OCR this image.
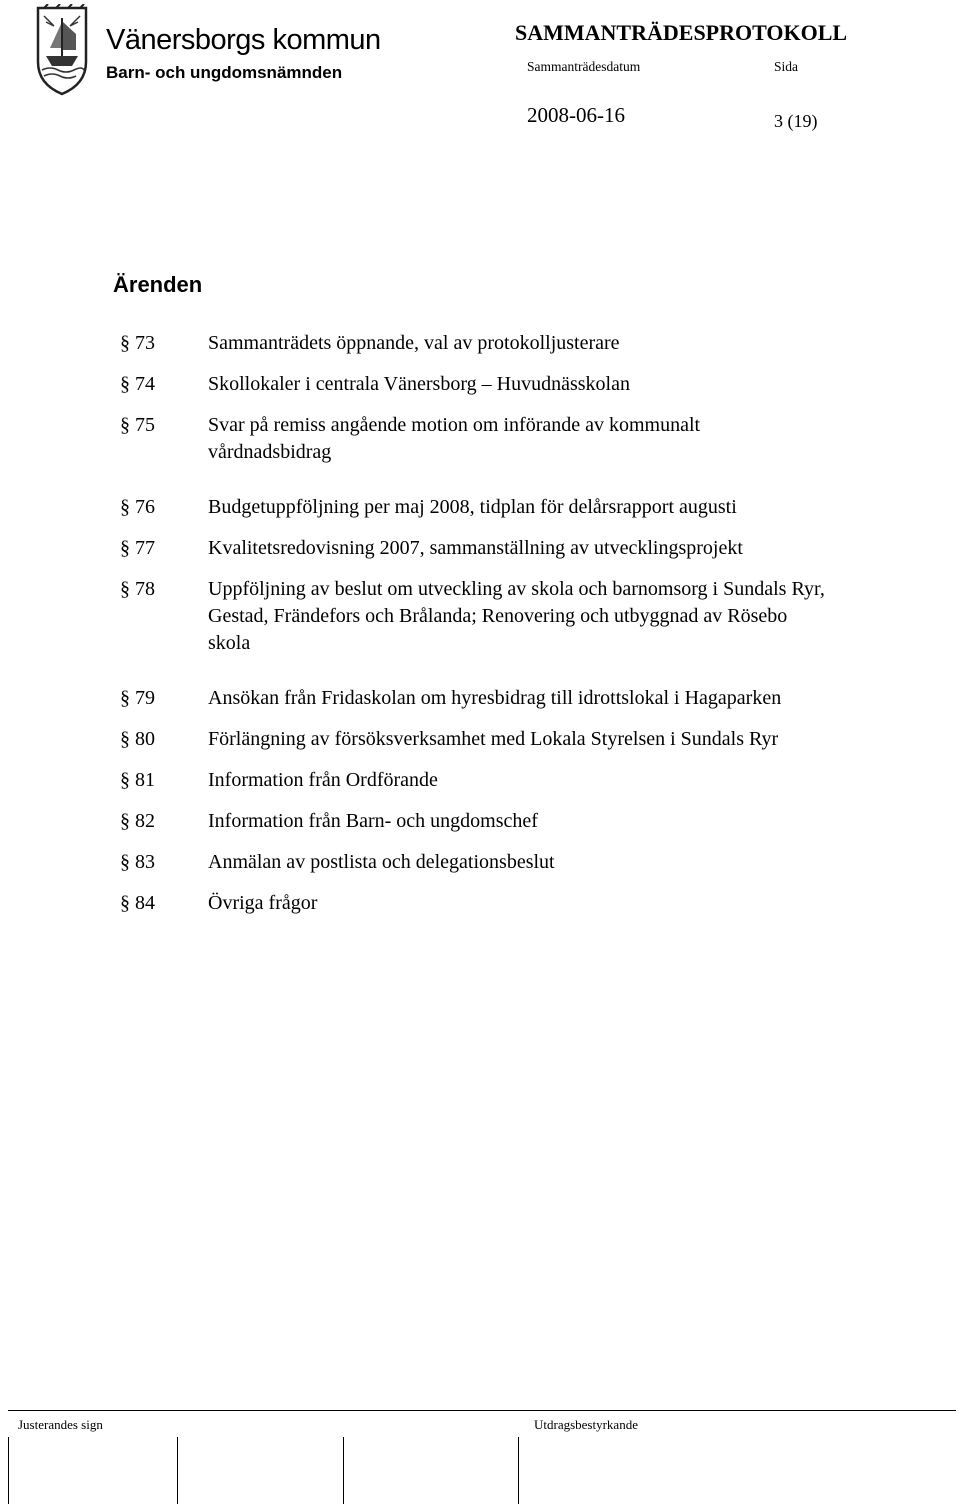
Vänersborgs kommun
Barn- och ungdomsnämnden
SAMMANTRÄDESPROTOKOLL
Sammanträdesdatum	Sida
2008-06-16	3 (19)
Ärenden
§ 73	Sammanträdets öppnande, val av protokolljusterare
§ 74	Skollokaler i centrala Vänersborg – Huvudnässkolan
§ 75	Svar på remiss angående motion om införande av kommunalt vårdnadsbidrag
§ 76	Budgetuppföljning per maj 2008, tidplan för delårsrapport augusti
§ 77	Kvalitetsredovisning 2007, sammanställning av utvecklingsprojekt
§ 78	Uppföljning av beslut om utveckling av skola och barnomsorg i Sundals Ryr, Gestad, Frändefors och Brålanda; Renovering och utbyggnad av Rösebo skola
§ 79	Ansökan från Fridaskolan om hyresbidrag till idrottslokal i Hagaparken
§ 80	Förlängning av försöksverksamhet med Lokala Styrelsen i Sundals Ryr
§ 81	Information från Ordförande
§ 82	Information från Barn- och ungdomschef
§ 83	Anmälan av postlista och delegationsbeslut
§ 84	Övriga frågor
Justerandes sign	Utdragsbestyrkande
